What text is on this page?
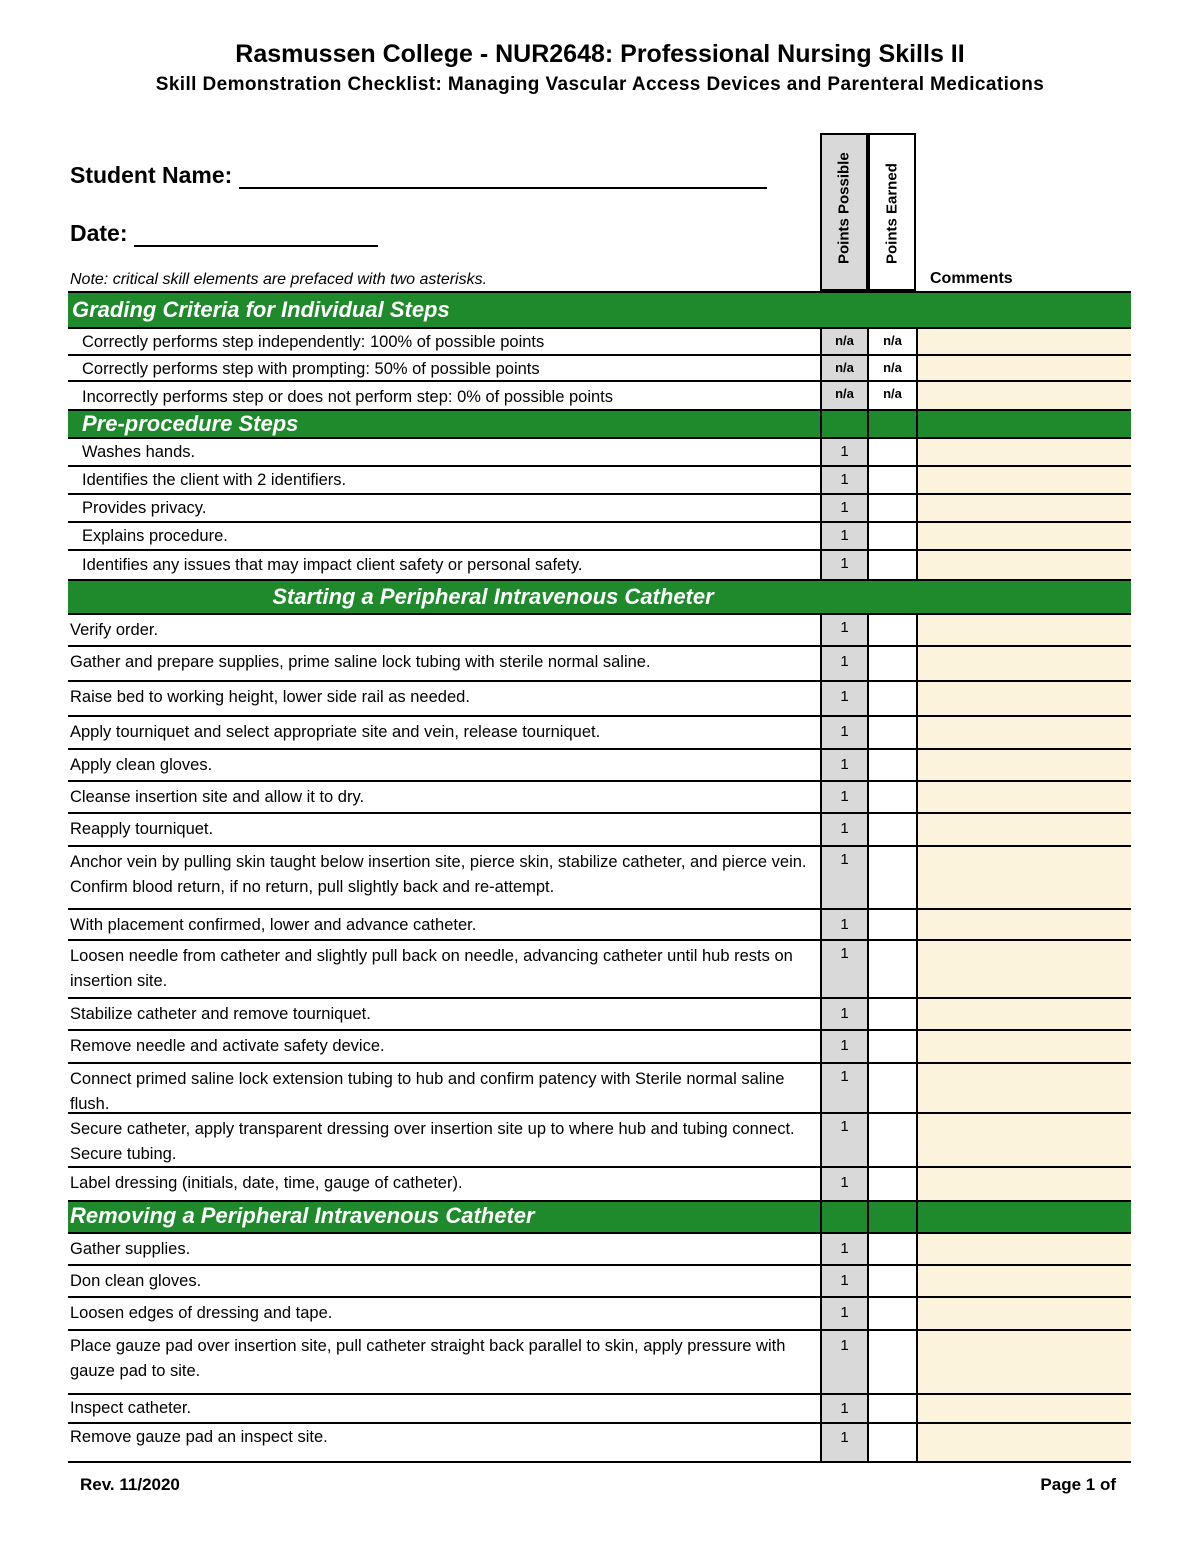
Rasmussen College - NUR2648: Professional Nursing Skills II
Skill Demonstration Checklist: Managing Vascular Access Devices and Parenteral Medications
Student Name:
Date:
Note: critical skill elements are prefaced with two asterisks.
Points Possible Points Earned
Comments
Grading Criteria for Individual Steps
Correctly performs step independently: 100% of possible points	n/a	n/a
Correctly performs step with prompting: 50% of possible points	n/a	n/a
Incorrectly performs step or does not perform step: 0% of possible points	n/a	n/a
Pre-procedure Steps
Washes hands.	1
Identifies the client with 2 identifiers.	1
Provides privacy.	1
Explains procedure.	1
Identifies any issues that may impact client safety or personal safety.	1
Starting a Peripheral Intravenous Catheter
Verify order.	1
Gather and prepare supplies, prime saline lock tubing with sterile normal saline.	1
Raise bed to working height, lower side rail as needed.	1
Apply tourniquet and select appropriate site and vein, release tourniquet.	1
Apply clean gloves.	1
Cleanse insertion site and allow it to dry.	1
Reapply tourniquet.	1
Anchor vein by pulling skin taught below insertion site, pierce skin, stabilize catheter, and pierce vein. Confirm blood return, if no return, pull slightly back and re-attempt.
1
With placement confirmed, lower and advance catheter.	1
Loosen needle from catheter and slightly pull back on needle, advancing catheter until hub rests on insertion site.
1
Stabilize catheter and remove tourniquet.	1
Remove needle and activate safety device.	1
Connect primed saline lock extension tubing to hub and confirm patency with Sterile normal saline flush.
1
Secure catheter, apply transparent dressing over insertion site up to where hub and tubing connect. Secure tubing.
1
Label dressing (initials, date, time, gauge of catheter).	1
Removing a Peripheral Intravenous Catheter
Gather supplies.	1
Don clean gloves.	1
Loosen edges of dressing and tape.	1
Place gauze pad over insertion site, pull catheter straight back parallel to skin, apply pressure with gauze pad to site.
1
Inspect catheter.	1
Remove gauze pad an inspect site.	1
Rev. 11/2020	Page 1 of
